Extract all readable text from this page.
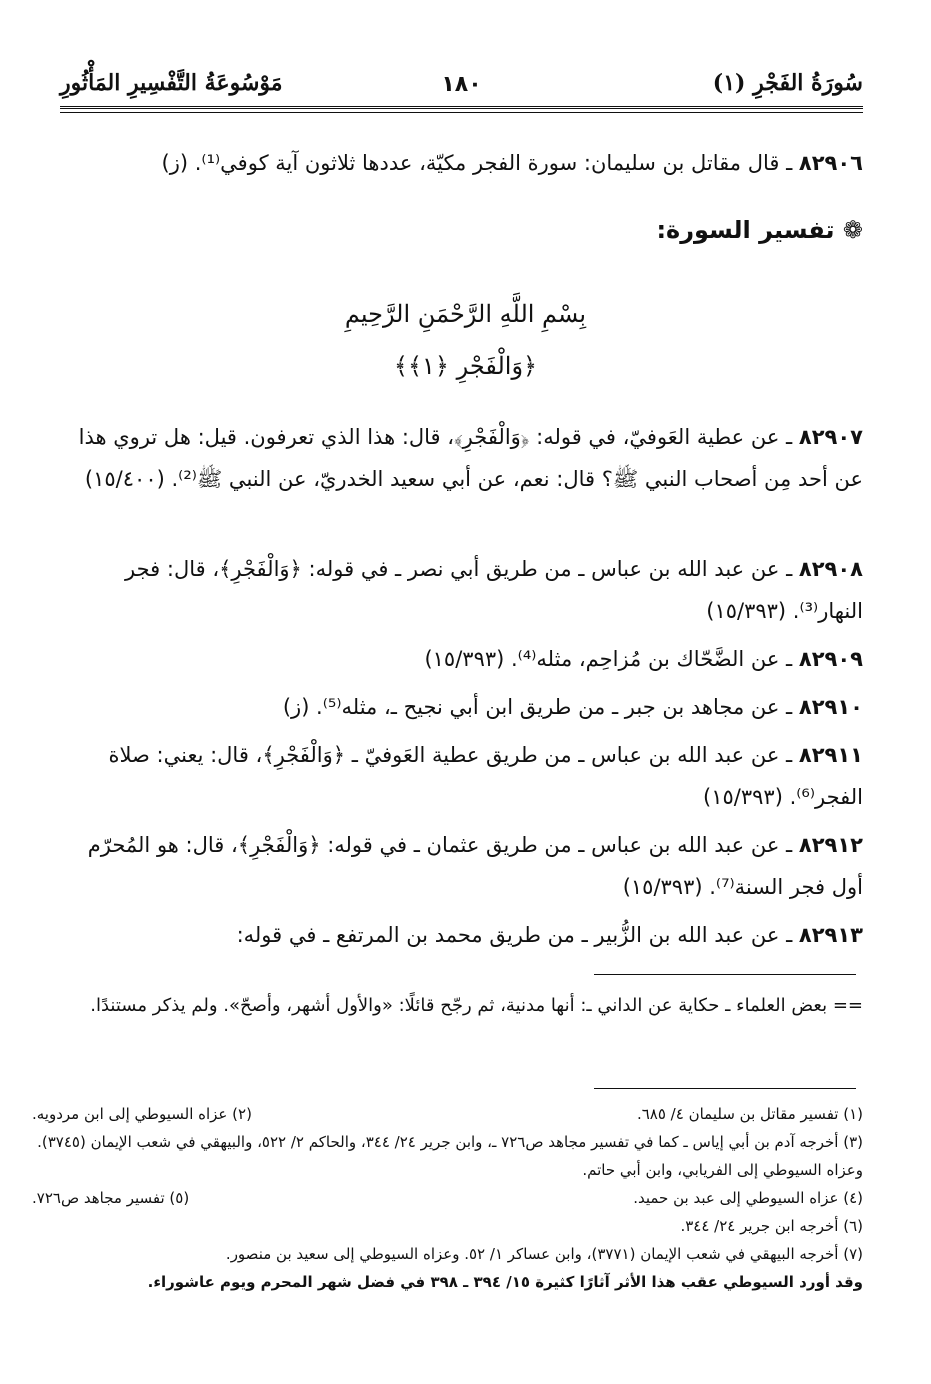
سُورَةُ الفَجْرِ (١)
مَوْسُوعَةُ التَّفْسِيرِ المَأْثُورِ	١٨٠
٨٢٩٠٦ ـ قال مقاتل بن سليمان: سورة الفجر مكيّة، عددها ثلاثون آية كوفي⁽¹⁾. (ز)
❁ تفسير السورة:
بِسْمِ اللَّهِ الرَّحْمَنِ الرَّحِيمِ
﴿وَالْفَجْرِ ﴿١﴾﴾
٨٢٩٠٧ ـ عن عطية العَوفيّ، في قوله: ﴿وَالْفَجْرِ﴾، قال: هذا الذي تعرفون. قيل: هل تروي هذا عن أحد مِن أصحاب النبي ﷺ؟ قال: نعم، عن أبي سعيد الخدريّ، عن النبي ﷺ⁽²⁾. (١٥/٤٠٠)
٨٢٩٠٨ ـ عن عبد الله بن عباس ـ من طريق أبي نصر ـ في قوله: ﴿وَالْفَجْرِ﴾، قال: فجر النهار⁽³⁾. (١٥/٣٩٣)
٨٢٩٠٩ ـ عن الضَّحّاك بن مُزاحِم، مثله⁽⁴⁾. (١٥/٣٩٣)
٨٢٩١٠ ـ عن مجاهد بن جبر ـ من طريق ابن أبي نجيح ـ، مثله⁽⁵⁾. (ز)
٨٢٩١١ ـ عن عبد الله بن عباس ـ من طريق عطية العَوفيّ ـ ﴿وَالْفَجْرِ﴾، قال: يعني: صلاة الفجر⁽⁶⁾. (١٥/٣٩٣)
٨٢٩١٢ ـ عن عبد الله بن عباس ـ من طريق عثمان ـ في قوله: ﴿وَالْفَجْرِ﴾، قال: هو المُحرّم أول فجر السنة⁽⁷⁾. (١٥/٣٩٣)
٨٢٩١٣ ـ عن عبد الله بن الزُّبير ـ من طريق محمد بن المرتفع ـ في قوله:
== بعض العلماء ـ حكاية عن الداني ـ: أنها مدنية، ثم رجّح قائلًا: «والأول أشهر، وأصحّ». ولم يذكر مستندًا.
(١) تفسير مقاتل بن سليمان ٤/ ٦٨٥.
(٢) عزاه السيوطي إلى ابن مردويه.
(٣) أخرجه آدم بن أبي إياس ـ كما في تفسير مجاهد ص٧٢٦ ـ، وابن جرير ٢٤/ ٣٤٤، والحاكم ٢/ ٥٢٢، والبيهقي في شعب الإيمان (٣٧٤٥). وعزاه السيوطي إلى الفريابي، وابن أبي حاتم.
(٤) عزاه السيوطي إلى عبد بن حميد.
(٥) تفسير مجاهد ص٧٢٦.
(٦) أخرجه ابن جرير ٢٤/ ٣٤٤.
(٧) أخرجه البيهقي في شعب الإيمان (٣٧٧١)، وابن عساكر ١/ ٥٢. وعزاه السيوطي إلى سعيد بن منصور.
وقد أورد السيوطي عقب هذا الأثر آثارًا كثيرة ١٥/ ٣٩٤ ـ ٣٩٨ في فضل شهر المحرم ويوم عاشوراء.
